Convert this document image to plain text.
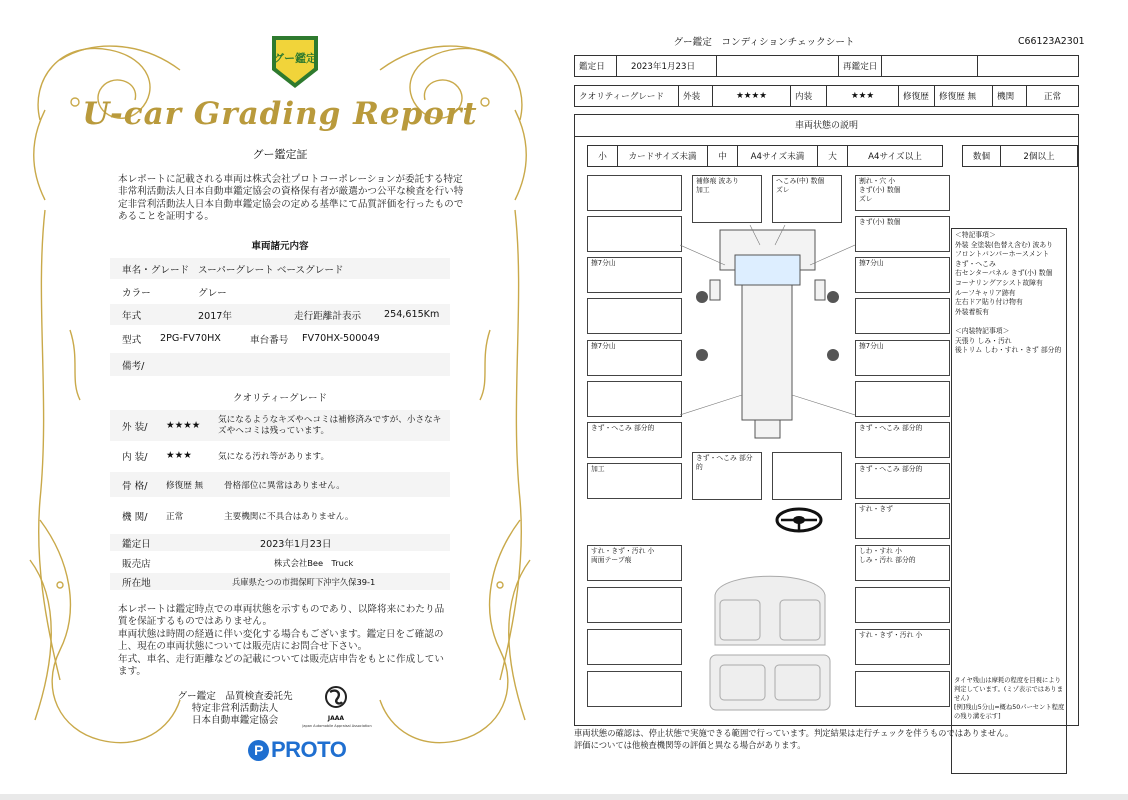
グー鑑定
U-car Grading Report
グー鑑定証
本レポートに記載される車両は株式会社プロトコーポレーションが委託する特定非常利活動法人日本自動車鑑定協会の資格保有者が厳選かつ公平な検査を行い特定非営利活動法人日本自動車鑑定協会の定める基準にて品質評価を行ったものであることを証明する。
車両諸元内容
車名・グレード スーパーグレート ベースグレード
カラー	グレー
年式	2017年	走行距離計表示	254,615Km
型式	2PG-FV70HX	車台番号	FV70HX-500049
備考/
クオリティーグレード
外 装/	★★★★
気になるようなキズやヘコミは補修済みですが、小さなキズやヘコミは残っています。
内 装/	★★★	気になる汚れ等があります。
骨 格/	修復歴 無	骨格部位に異常はありません。
機 関/	正常	主要機関に不具合はありません。
鑑定日	2023年1月23日
販売店	株式会社Bee　Truck
所在地	兵庫県たつの市揖保町下沖宇久保39-1
本レポートは鑑定時点での車両状態を示すものであり、以降将来にわたり品質を保証するものではありません。
車両状態は時間の経過に伴い変化する場合もございます。鑑定日をご確認の上、現在の車両状態については販売店にお問合せ下さい。
年式、車名、走行距離などの記載については販売店申告をもとに作成しています。
グー鑑定　品質検査委託先
特定非営利活動法人
日本自動車鑑定協会	JAAA
Japan Automobile Appraisal Association
P PROTO
グー鑑定　コンディションチェックシート	C66123A2301
鑑定日	2023年1月23日		再鑑定日		
クオリティーグレード	外装	★★★★	内装	★★★	修復歴	修復歴 無	機関	正常
車両状態の説明
小	カードサイズ未満	中	A4サイズ未満	大	A4サイズ以上	数個	2個以上
擦7分山
擦7分山
きず・へこみ 部分的
加工
補修痕 波あり
加工
へこみ(中) 数個
ズレ
割れ・穴 小
きず(小) 数個
ズレ
きず(小) 数個
擦7分山
擦7分山
きず・へこみ 部分的
きず・へこみ 部分的
きず・へこみ 部分的
すれ・きず
すれ・きず・汚れ 小
両面テープ痕
しわ・すれ 小
しみ・汚れ 部分的
すれ・きず・汚れ 小
＜特記事項＞
外装 全塗装(色替え含む) 波あり
フロントバンパーホースメント
きず・へこみ
右センターパネル きず(小) 数個
コーナリングアシスト故障有
ルーフキャリア跡有
左右ドア貼り付け物有
外装着板有

＜内装特記事項＞
天張り しみ・汚れ
後トリム しわ・すれ・きず 部分的
タイヤ残山は摩耗の程度を目視により判定しています。(ミゾ表示ではありません)
[例]残山5分山=概ね50パーセント程度の残り溝を示す]
車両状態の確認は、停止状態で実施できる範囲で行っています。判定結果は走行チェックを伴うものではありません。
評価については他検査機関等の評価と異なる場合があります。
